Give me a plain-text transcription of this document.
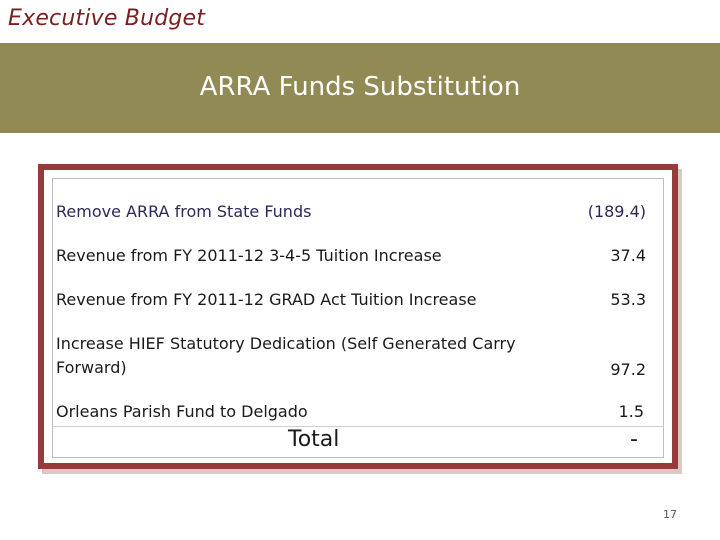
Executive Budget
ARRA Funds Substitution
Remove ARRA from State Funds	(189.4)
Revenue from FY 2011-12 3-4-5 Tuition Increase	37.4
Revenue from FY 2011-12 GRAD Act Tuition Increase	53.3
Increase HIEF Statutory Dedication (Self Generated Carry
Forward)	97.2
Orleans Parish Fund to Delgado	1.5
Total	-
17
